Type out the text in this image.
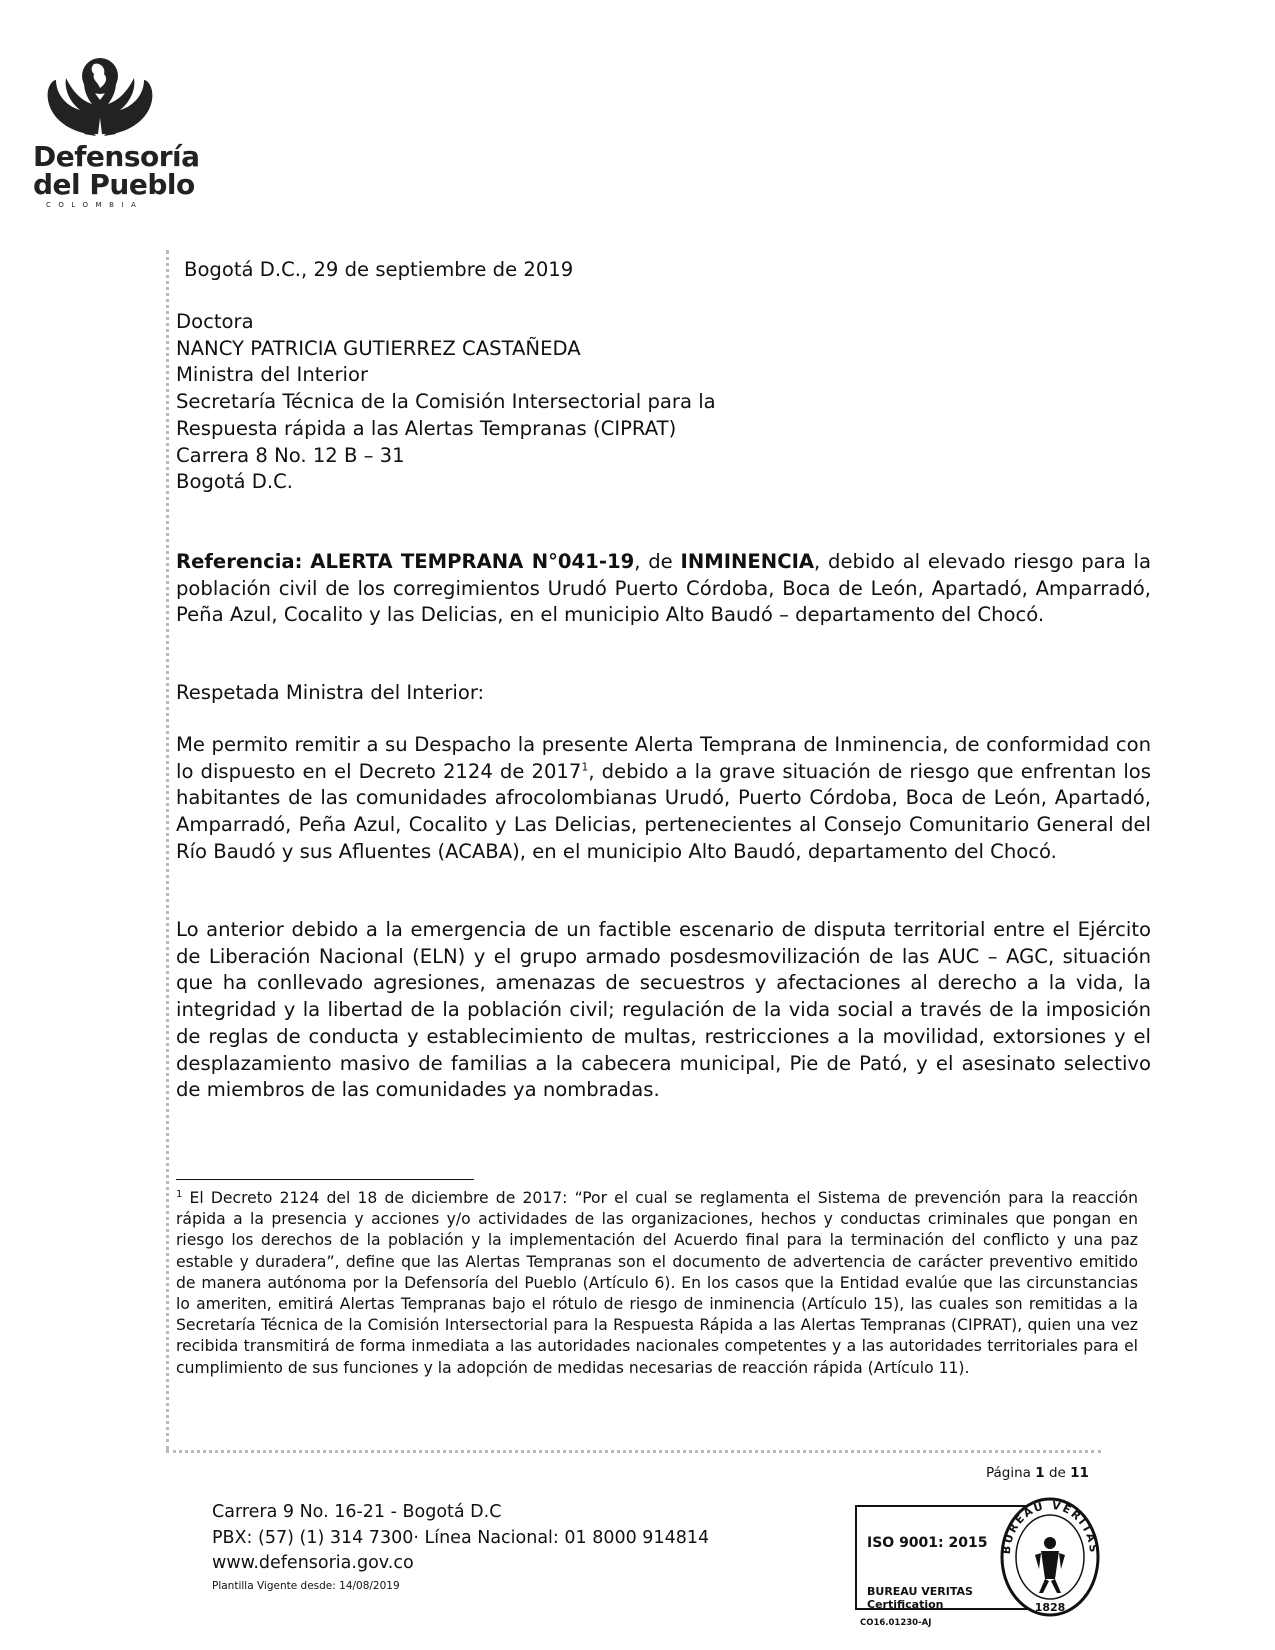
Defensoría
del Pueblo
COLOMBIA
Bogotá D.C., 29 de septiembre de 2019
Doctora
NANCY PATRICIA GUTIERREZ CASTAÑEDA
Ministra del Interior
Secretaría Técnica de la Comisión Intersectorial para la
Respuesta rápida a las Alertas Tempranas (CIPRAT)
Carrera 8 No. 12 B – 31
Bogotá D.C.
Referencia: ALERTA TEMPRANA N°041-19, de INMINENCIA, debido al elevado riesgo para la población civil de los corregimientos Urudó Puerto Córdoba, Boca de León, Apartadó, Amparradó, Peña Azul, Cocalito y las Delicias, en el municipio Alto Baudó – departamento del Chocó.
Respetada Ministra del Interior:
Me permito remitir a su Despacho la presente Alerta Temprana de Inminencia, de conformidad con lo dispuesto en el Decreto 2124 de 2017$^1$, debido a la grave situación de riesgo que enfrentan los habitantes de las comunidades afrocolombianas Urudó, Puerto Córdoba, Boca de León, Apartadó, Amparradó, Peña Azul, Cocalito y Las Delicias, pertenecientes al Consejo Comunitario General del Río Baudó y sus Afluentes (ACABA), en el municipio Alto Baudó, departamento del Chocó.
Lo anterior debido a la emergencia de un factible escenario de disputa territorial entre el Ejército de Liberación Nacional (ELN) y el grupo armado posdesmovilización de las AUC – AGC, situación que ha conllevado agresiones, amenazas de secuestros y afectaciones al derecho a la vida, la integridad y la libertad de la población civil; regulación de la vida social a través de la imposición de reglas de conducta y establecimiento de multas, restricciones a la movilidad, extorsiones y el desplazamiento masivo de familias a la cabecera municipal, Pie de Pató, y el asesinato selectivo de miembros de las comunidades ya nombradas.
$^1$ El Decreto 2124 del 18 de diciembre de 2017: “Por el cual se reglamenta el Sistema de prevención para la reacción rápida a la presencia y acciones y/o actividades de las organizaciones, hechos y conductas criminales que pongan en riesgo los derechos de la población y la implementación del Acuerdo final para la terminación del conflicto y una paz estable y duradera”, define que las Alertas Tempranas son el documento de advertencia de carácter preventivo emitido de manera autónoma por la Defensoría del Pueblo (Artículo 6). En los casos que la Entidad evalúe que las circunstancias lo ameriten, emitirá Alertas Tempranas bajo el rótulo de riesgo de inminencia (Artículo 15), las cuales son remitidas a la Secretaría Técnica de la Comisión Intersectorial para la Respuesta Rápida a las Alertas Tempranas (CIPRAT), quien una vez recibida transmitirá de forma inmediata a las autoridades nacionales competentes y a las autoridades territoriales para el cumplimiento de sus funciones y la adopción de medidas necesarias de reacción rápida (Artículo 11).
Página 1 de 11
Carrera 9 No. 16-21 - Bogotá D.C
PBX: (57) (1) 314 7300· Línea Nacional: 01 8000 914814
www.defensoria.gov.co
Plantilla Vigente desde: 14/08/2019
ISO 9001: 2015
BUREAU VERITAS
Certification
CO16.01230-AJ
BUREAU VERITAS
1828
